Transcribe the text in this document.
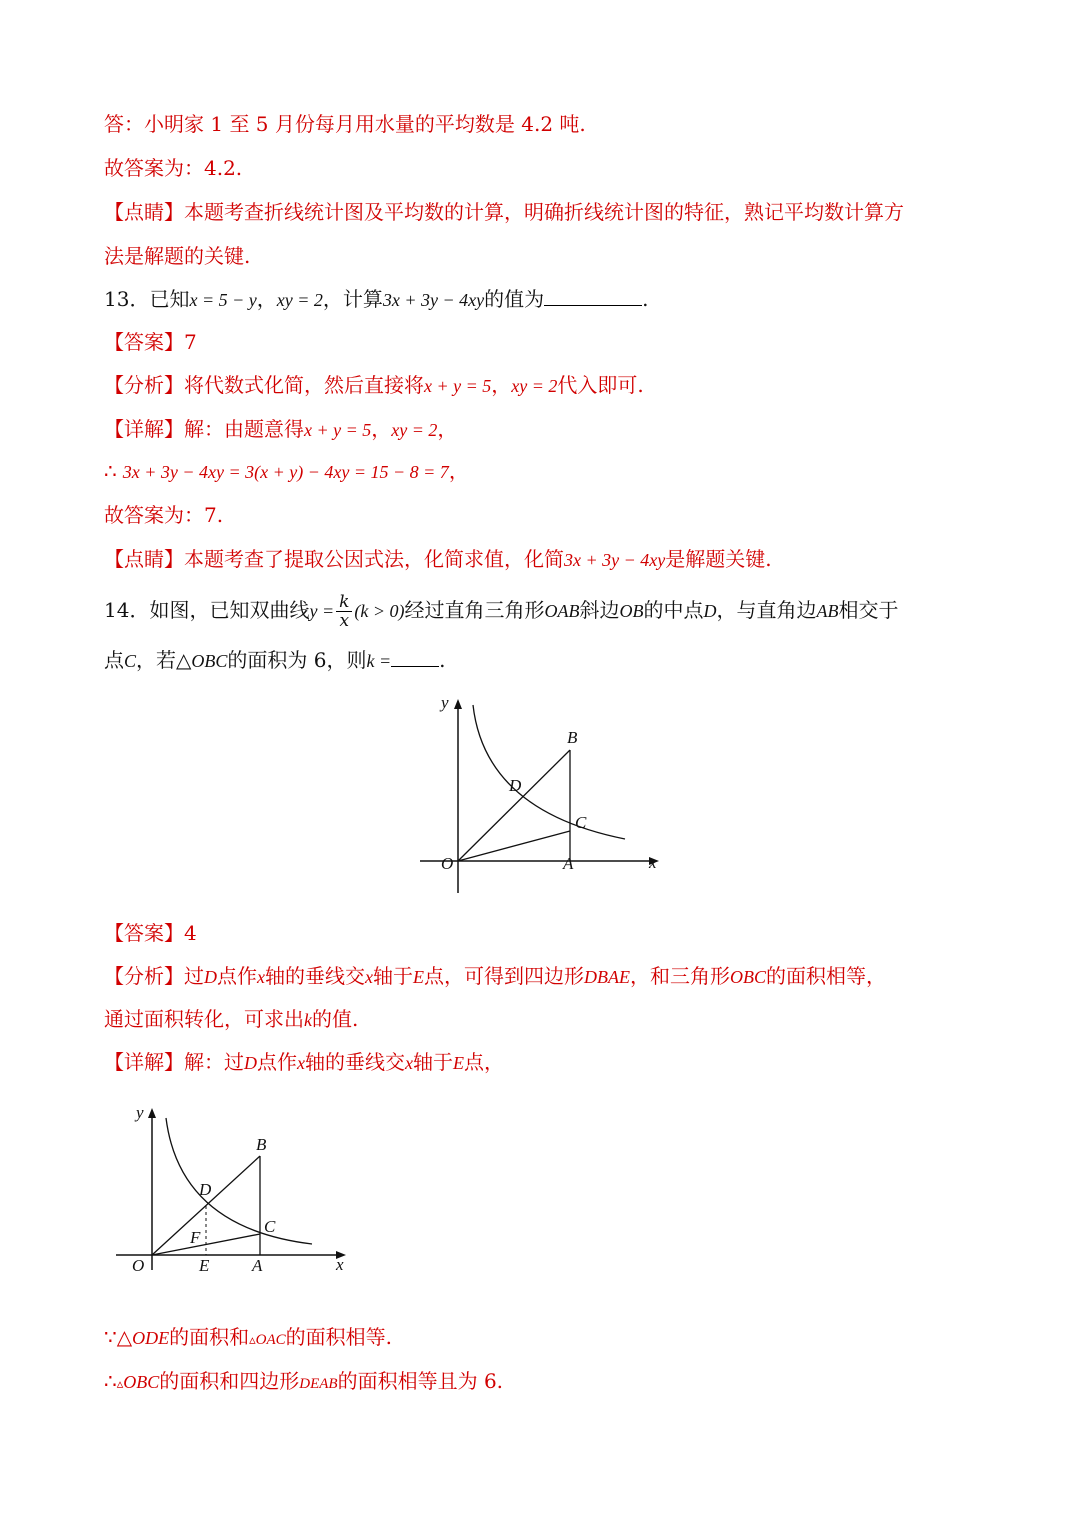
答：小明家 1 至 5 月份每月用水量的平均数是 4.2 吨.
故答案为：4.2.
【点睛】本题考查折线统计图及平均数的计算，明确折线统计图的特征，熟记平均数计算方
法是解题的关键.
13．已知x = 5 − y，xy = 2，计算3x + 3y − 4xy的值为	.
【答案】7
【分析】将代数式化简，然后直接将x + y = 5，xy = 2代入即可.
【详解】解：由题意得x + y = 5，xy = 2，
∴ 3x + 3y − 4xy = 3(x + y) − 4xy = 15 − 8 = 7，
故答案为：7.
【点睛】本题考查了提取公因式法，化简求值，化简3x + 3y − 4xy是解题关键.
14．如图，已知双曲线$y = \frac{k}{x} (k > 0)$经过直角三角形OAB斜边OB的中点D，与直角边AB相交于
点C，若△OBC的面积为 6，则k = .
y
x
O	A
B
C
D
【答案】4
【分析】过D点作x轴的垂线交x轴于E点，可得到四边形DBAE，和三角形OBC的面积相等，
通过面积转化，可求出k的值.
【详解】解：过D点作x轴的垂线交x轴于E点，
y
x
O	E	A
B
C
D
F
∵△ODE的面积和▵OAC的面积相等.
∴▵OBC的面积和四边形DEAB的面积相等且为 6.
